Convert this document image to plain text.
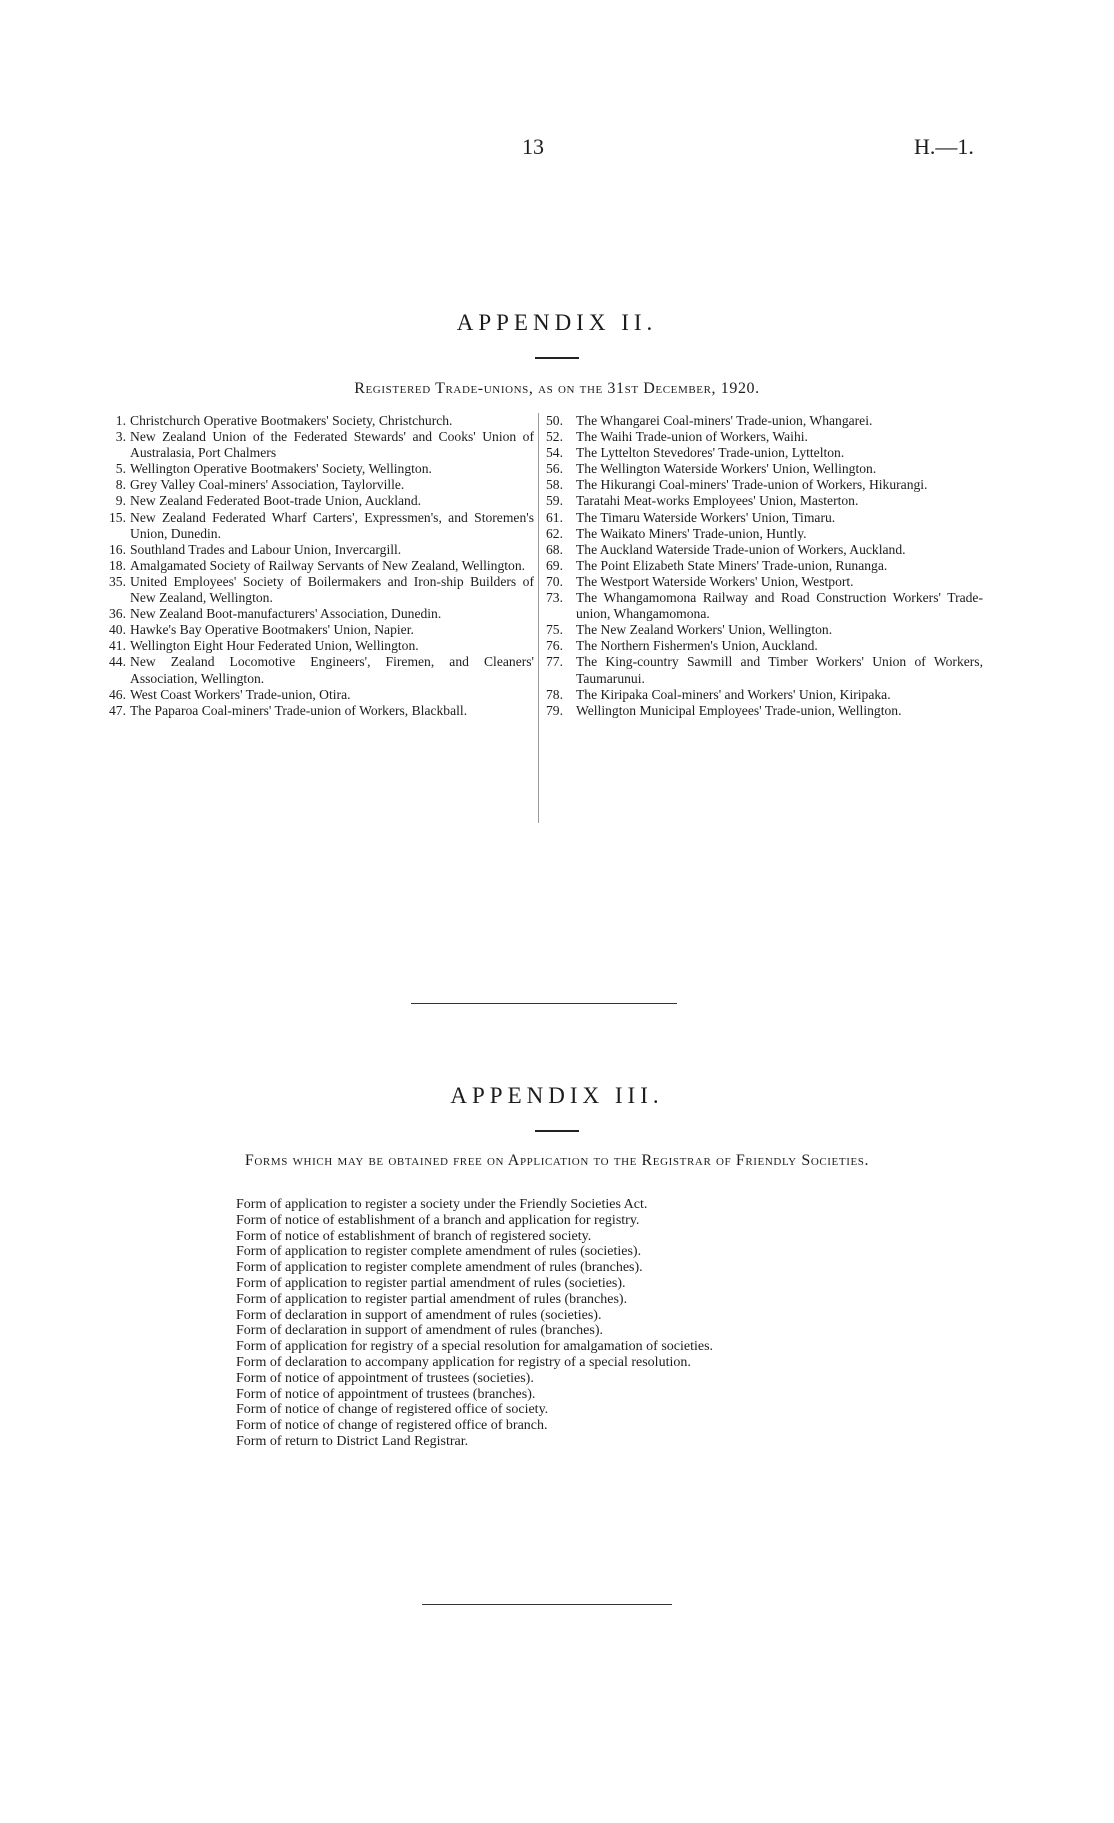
13	H.—1.
APPENDIX II.
Registered Trade-unions, as on the 31st December, 1920.

1. Christchurch Operative Bootmakers' Society, Christchurch.

3. New Zealand Union of the Federated Stewards' and Cooks' Union of Australasia, Port Chalmers

5. Wellington Operative Bootmakers' Society, Wellington.

8. Grey Valley Coal-miners' Association, Taylorville.

9. New Zealand Federated Boot-trade Union, Auckland.

15. New Zealand Federated Wharf Carters', Expressmen's, and Storemen's Union, Dunedin.

16. Southland Trades and Labour Union, Invercargill.

18. Amalgamated Society of Railway Servants of New Zealand, Wellington.

35. United Employees' Society of Boilermakers and Iron-ship Builders of New Zealand, Wellington.

36. New Zealand Boot-manufacturers' Association, Dunedin.

40. Hawke's Bay Operative Bootmakers' Union, Napier.

41. Wellington Eight Hour Federated Union, Wellington.

44. New Zealand Locomotive Engineers', Firemen, and Cleaners' Association, Wellington.

46. West Coast Workers' Trade-union, Otira.

47. The Paparoa Coal-miners' Trade-union of Workers, Blackball.

50. The Whangarei Coal-miners' Trade-union, Whangarei.

52. The Waihi Trade-union of Workers, Waihi.

54. The Lyttelton Stevedores' Trade-union, Lyttelton.

56. The Wellington Waterside Workers' Union, Wellington.

58. The Hikurangi Coal-miners' Trade-union of Workers, Hikurangi.

59. Taratahi Meat-works Employees' Union, Masterton.

61. The Timaru Waterside Workers' Union, Timaru.

62. The Waikato Miners' Trade-union, Huntly.

68. The Auckland Waterside Trade-union of Workers, Auckland.

69. The Point Elizabeth State Miners' Trade-union, Runanga.

70. The Westport Waterside Workers' Union, Westport.

73. The Whangamomona Railway and Road Construction Workers' Trade-union, Whangamomona.

75. The New Zealand Workers' Union, Wellington.

76. The Northern Fishermen's Union, Auckland.

77. The King-country Sawmill and Timber Workers' Union of Workers, Taumarunui.

78. The Kiripaka Coal-miners' and Workers' Union, Kiripaka.

79. Wellington Municipal Employees' Trade-union, Wellington.

APPENDIX III.
Forms which may be obtained free on Application to the Registrar of Friendly Societies.

Form of application to register a society under the Friendly Societies Act.

Form of notice of establishment of a branch and application for registry.

Form of notice of establishment of branch of registered society.

Form of application to register complete amendment of rules (societies).

Form of application to register complete amendment of rules (branches).

Form of application to register partial amendment of rules (societies).

Form of application to register partial amendment of rules (branches).

Form of declaration in support of amendment of rules (societies).

Form of declaration in support of amendment of rules (branches).

Form of application for registry of a special resolution for amalgamation of societies.

Form of declaration to accompany application for registry of a special resolution.

Form of notice of appointment of trustees (societies).

Form of notice of appointment of trustees (branches).

Form of notice of change of registered office of society.

Form of notice of change of registered office of branch.

Form of return to District Land Registrar.
